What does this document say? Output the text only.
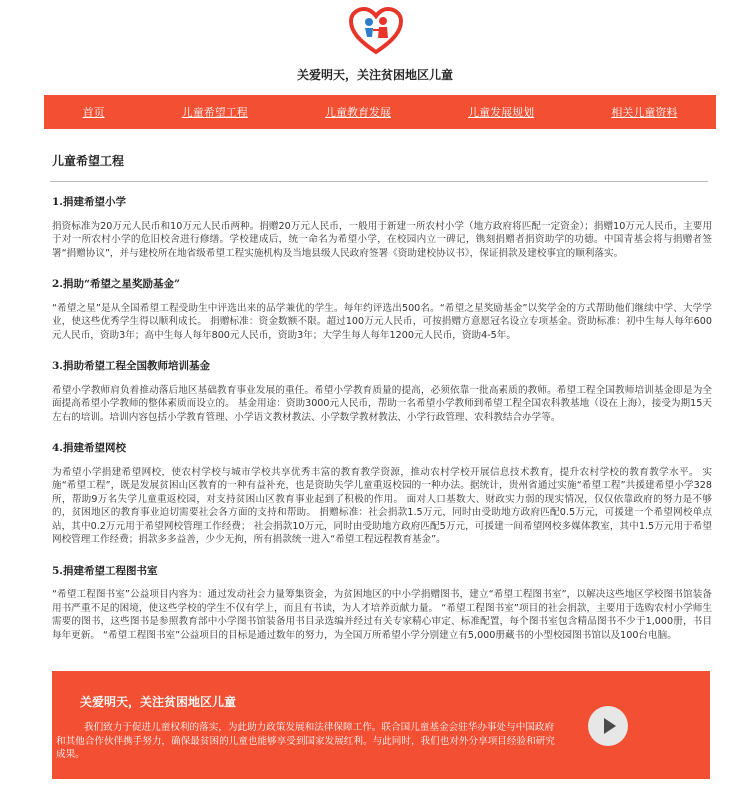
关爱明天，关注贫困地区儿童
首页	儿童希望工程	儿童教育发展	儿童发展规划	相关儿童资料
儿童希望工程
1.捐建希望小学

捐资标准为20万元人民币和10万元人民币两种。捐赠20万元人民币，一般用于新建一所农村小学（地方政府将匹配一定资金）；捐赠10万元人民币，主要用于对一所农村小学的危旧校舍进行修缮。学校建成后，统一命名为希望小学，在校园内立一碑记，镌刻捐赠者捐资助学的功德。中国青基会将与捐赠者签署“捐赠协议”，并与建校所在地省级希望工程实施机构及当地县级人民政府签署《资助建校协议书》，保证捐款及建校事宜的顺利落实。

2.捐助“希望之星奖励基金”

“希望之星”是从全国希望工程受助生中评选出来的品学兼优的学生。每年约评选出500名。“希望之星奖励基金”以奖学金的方式帮助他们继续中学、大学学业，使这些优秀学生得以顺利成长。 捐赠标准：资金数额不限。超过100万元人民币，可按捐赠方意愿冠名设立专项基金。资助标准：初中生每人每年600元人民币，资助3年；高中生每人每年800元人民币，资助3年；大学生每人每年1200元人民币，资助4-5年。

3.捐助希望工程全国教师培训基金

希望小学教师肩负着推动落后地区基础教育事业发展的重任。希望小学教育质量的提高，必须依靠一批高素质的教师。希望工程全国教师培训基金即是为全面提高希望小学教师的整体素质而设立的。 基金用途：资助3000元人民币，帮助一名希望小学教师到希望工程全国农科教基地（设在上海），接受为期15天左右的培训。培训内容包括小学教育管理、小学语文教材教法、小学数学教材教法、小学行政管理、农科教结合办学等。

4.捐建希望网校

为希望小学捐建希望网校，使农村学校与城市学校共享优秀丰富的教育教学资源，推动农村学校开展信息技术教育，提升农村学校的教育教学水平。 实施“希望工程”，既是发展贫困山区教育的一种有益补充，也是资助失学儿童重返校园的一种办法。据统计，贵州省通过实施“希望工程”共援建希望小学328所，帮助9万名失学儿童重返校园，对支持贫困山区教育事业起到了积极的作用。 面对人口基数大、财政实力弱的现实情况，仅仅依靠政府的努力是不够的，贫困地区的教育事业迫切需要社会各方面的支持和帮助。 捐赠标准：社会捐款1.5万元，同时由受助地方政府匹配0.5万元，可援建一个希望网校单点站，其中0.2万元用于希望网校管理工作经费； 社会捐款10万元，同时由受助地方政府匹配5万元，可援建一间希望网校多媒体教室，其中1.5万元用于希望网校管理工作经费；捐款多多益善，少少无拘，所有捐款统一进入“希望工程远程教育基金”。

5.捐建希望工程图书室

“希望工程图书室”公益项目内容为：通过发动社会力量筹集资金，为贫困地区的中小学捐赠图书，建立“希望工程图书室”，以解决这些地区学校图书馆装备用书严重不足的困境，使这些学校的学生不仅有学上，而且有书读，为人才培养贡献力量。 “希望工程图书室”项目的社会捐款，主要用于选购农村小学师生需要的图书，这些图书是参照教育部中小学图书馆装备用书目录选编并经过有关专家精心审定、标准配置，每个图书室包含精品图书不少于1,000册，书目每年更新。 “希望工程图书室”公益项目的目标是通过数年的努力，为全国万所希望小学分别建立有5,000册藏书的小型校园图书馆以及100台电脑。

关爱明天，关注贫困地区儿童
我们致力于促进儿童权利的落实，为此助力政策发展和法律保障工作。联合国儿童基金会驻华办事处与中国政府和其他合作伙伴携手努力，确保最贫困的儿童也能够享受到国家发展红利。与此同时，我们也对外分享项目经验和研究成果。
